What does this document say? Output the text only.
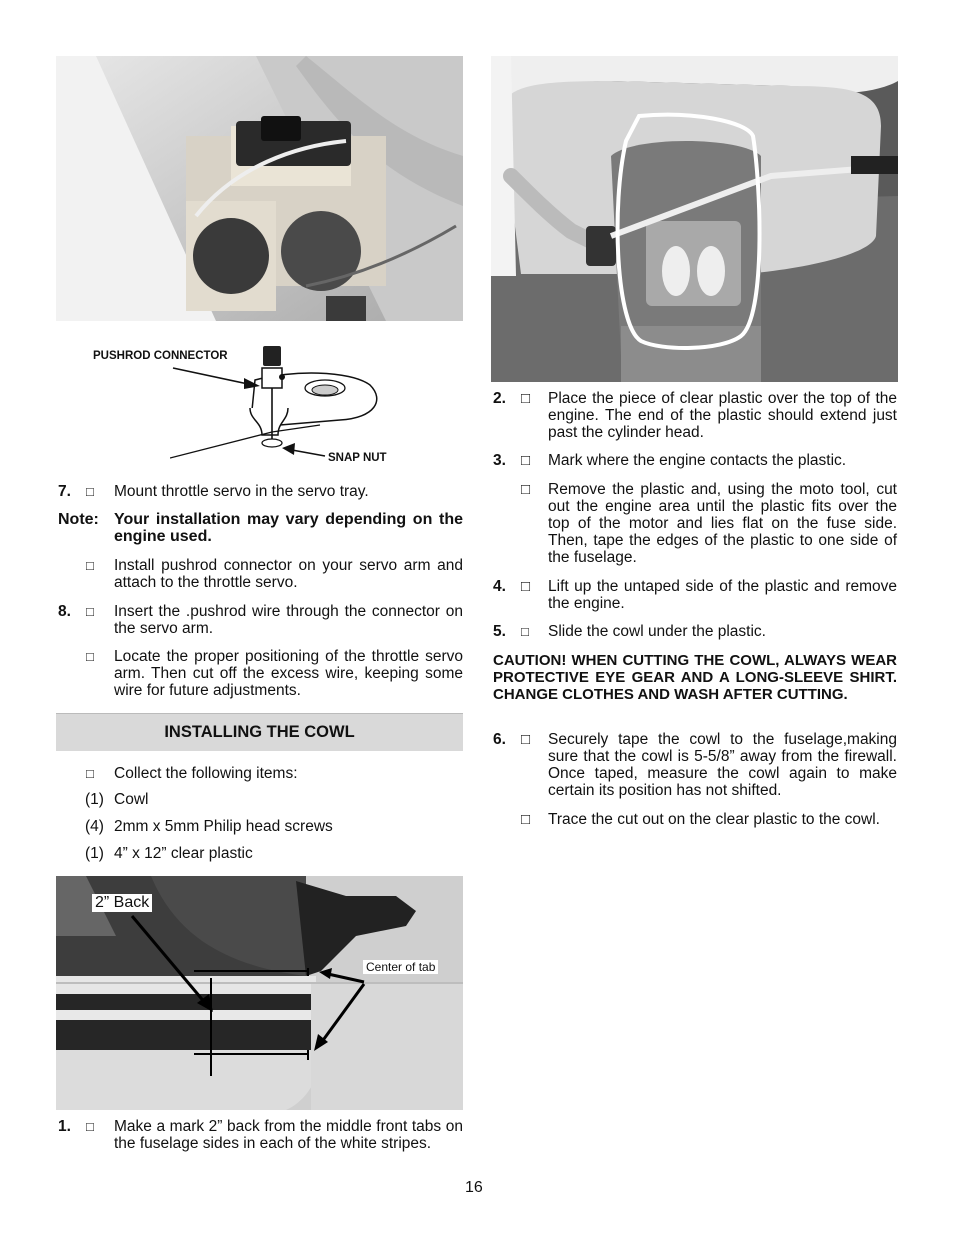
PUSHROD CONNECTOR
SNAP NUT
7. □ Mount throttle servo in the servo tray.
Note: Your installation may vary depending on the engine used.
□ Install pushrod connector on your servo arm and attach to the throttle servo.
8. □ Insert the .pushrod wire through the connector on the servo arm.
□ Locate the proper positioning of the throttle servo arm. Then cut off the excess wire, keeping some wire for future adjustments.
INSTALLING THE COWL
□ Collect the following items:
(1) Cowl
(4) 2mm x 5mm Philip head screws
(1) 4” x 12” clear plastic
2” Back
Center of tab
1. □ Make a mark 2” back from the middle front tabs on the fuselage sides in each of the white stripes.
2. □ Place the piece of clear plastic over the top of the engine. The end of the plastic should extend just past the cylinder head.
3. □ Mark where the engine contacts the plastic.
□ Remove the plastic and, using the moto tool, cut out the engine area until the plastic fits over the top of the motor and lies flat on the fuse side. Then, tape the edges of the plastic to one side of the fuselage.
4. □ Lift up the untaped side of the plastic and remove the engine.
5. □ Slide the cowl under the plastic.
CAUTION! WHEN CUTTING THE COWL, ALWAYS WEAR PROTECTIVE EYE GEAR AND A LONG-SLEEVE SHIRT. CHANGE CLOTHES AND WASH AFTER CUTTING.
6. □ Securely tape the cowl to the fuselage,making sure that the cowl is 5-5/8” away from the firewall. Once taped, measure the cowl again to make certain its position has not shifted.
□ Trace the cut out on the clear plastic to the cowl.
16
